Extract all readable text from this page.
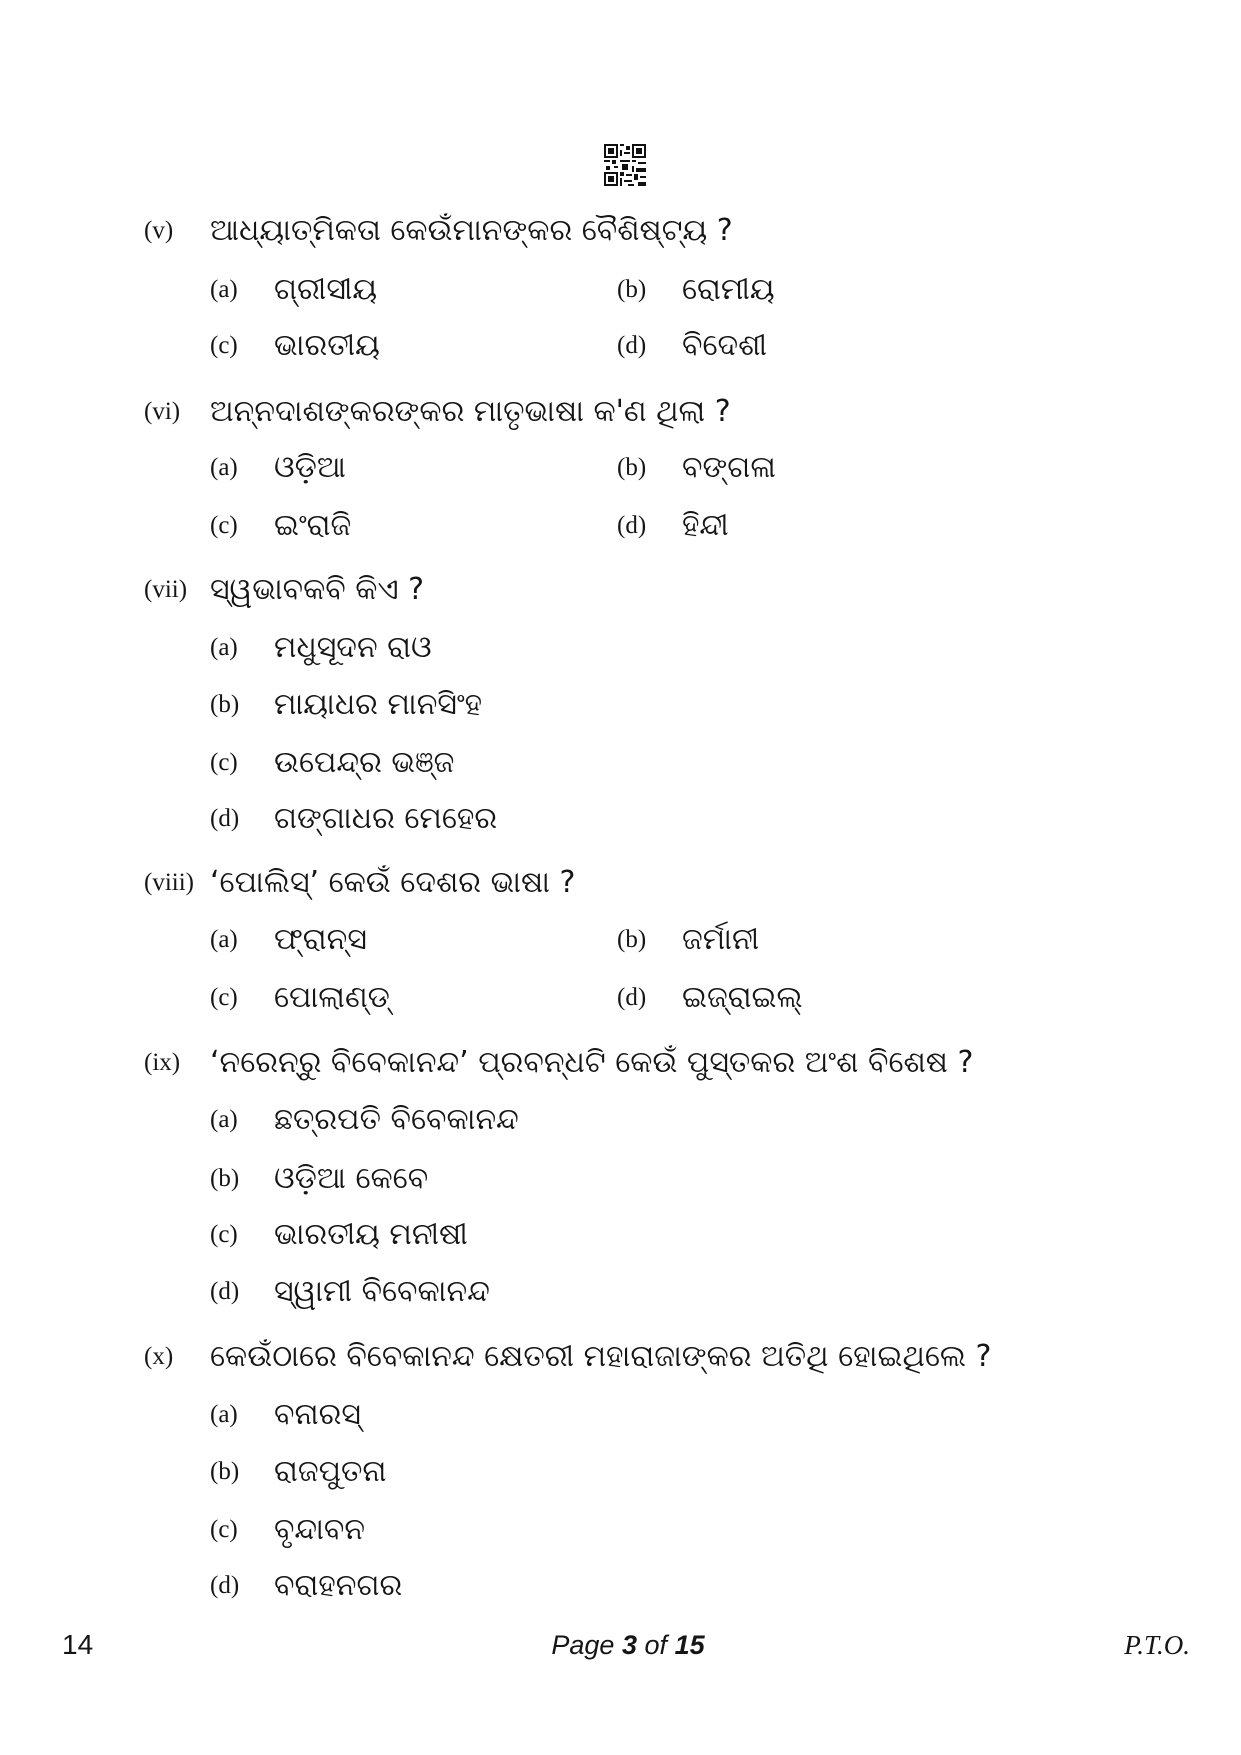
(v) ଆଧ୍ୟାତ୍ମିକତା କେଉଁମାନଙ୍କର ବୈଶିଷ୍ଟ୍ୟ ?
(a) ଗ୍ରୀସୀୟ	(b) ରୋମୀୟ
(c) ଭାରତୀୟ	(d) ବିଦେଶୀ
(vi) ଅନ୍ନଦାଶଙ୍କରଙ୍କର ମାତୃଭାଷା କ'ଣ ଥିଲା ?
(a) ଓଡ଼ିଆ	(b) ବଙ୍ଗଳା
(c) ଇଂରାଜି	(d) ହିନ୍ଦୀ
(vii) ସ୍ୱଭାବକବି କିଏ ?
(a) ମଧୁସୂଦନ ରାଓ
(b) ମାୟାଧର ମାନସିଂହ
(c) ଉପେନ୍ଦ୍ର ଭଞ୍ଜ
(d) ଗଙ୍ଗାଧର ମେହେର
(viii) ‘ପୋଲିସ୍’ କେଉଁ ଦେଶର ଭାଷା ?
(a) ଫ୍ରାନ୍ସ	(b) ଜର୍ମାନୀ
(c) ପୋଲାଣ୍ଡ୍	(d) ଇଜ୍ରାଇଲ୍
(ix) ‘ନରେନ୍‌ରୁ ବିବେକାନନ୍ଦ’ ପ୍ରବନ୍ଧଟି କେଉଁ ପୁସ୍ତକର ଅଂଶ ବିଶେଷ ?
(a) ଛତ୍ରପତି ବିବେକାନନ୍ଦ
(b) ଓଡ଼ିଆ କେବେ
(c) ଭାରତୀୟ ମନୀଷୀ
(d) ସ୍ୱାମୀ ବିବେକାନନ୍ଦ
(x) କେଉଁଠାରେ ବିବେକାନନ୍ଦ କ୍ଷେତରୀ ମହାରାଜାଙ୍କର ଅତିଥି ହୋଇଥିଲେ ?
(a) ବନାରସ୍
(b) ରାଜପୁତନା
(c) ବୃନ୍ଦାବନ
(d) ବରାହନଗର
14	Page 3 of 15	P.T.O.
